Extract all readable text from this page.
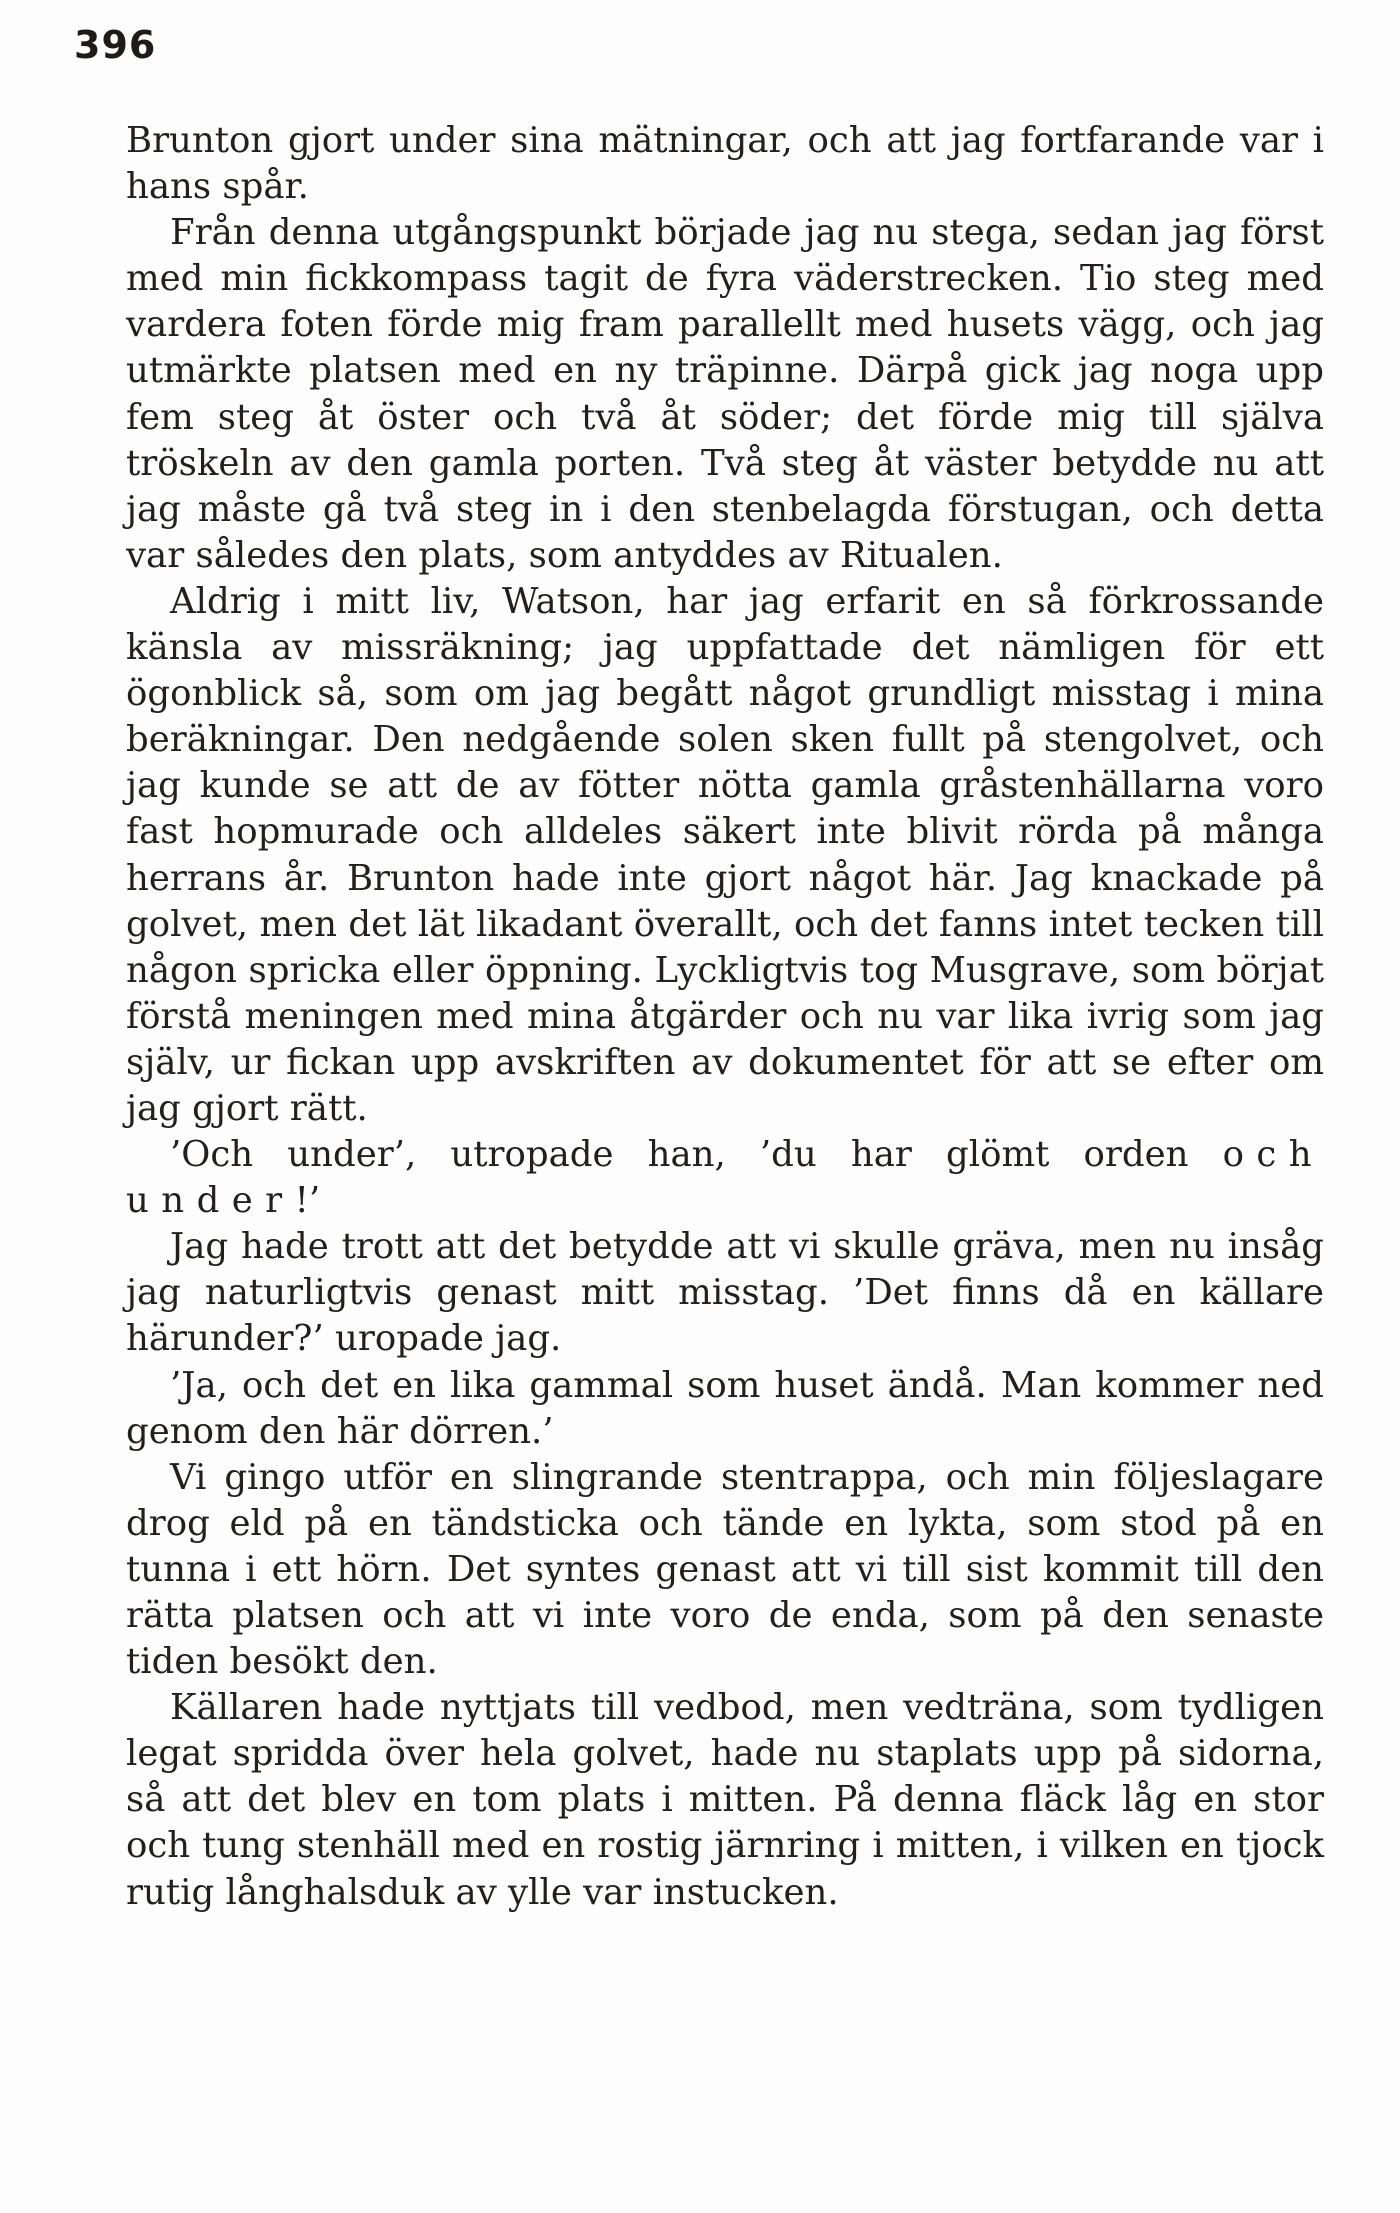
396

Brunton gjort under sina mätningar, och att jag fortfarande var i hans spår.

Från denna utgångspunkt började jag nu stega, sedan jag först med min fickkompass tagit de fyra väderstrecken. Tio steg med vardera foten förde mig fram parallellt med husets vägg, och jag utmärkte platsen med en ny träpinne. Därpå gick jag noga upp fem steg åt öster och två åt söder; det förde mig till själva tröskeln av den gamla porten. Två steg åt väster betydde nu att jag måste gå två steg in i den stenbelagda förstugan, och detta var således den plats, som antyddes av Ritualen.

Aldrig i mitt liv, Watson, har jag erfarit en så förkrossande känsla av missräkning; jag uppfattade det nämligen för ett ögonblick så, som om jag begått något grundligt misstag i mina beräkningar. Den nedgående solen sken fullt på stengolvet, och jag kunde se att de av fötter nötta gamla gråstenhällarna voro fast hopmurade och alldeles säkert inte blivit rörda på många herrans år. Brunton hade inte gjort något här. Jag knackade på golvet, men det lät likadant överallt, och det fanns intet tecken till någon spricka eller öppning. Lyckligtvis tog Musgrave, som börjat förstå meningen med mina åtgärder och nu var lika ivrig som jag själv, ur fickan upp avskriften av dokumentet för att se efter om jag gjort rätt.

’Och under’, utropade han, ’du har glömt orden och under!’

Jag hade trott att det betydde att vi skulle gräva, men nu insåg jag naturligtvis genast mitt misstag. ’Det finns då en källare härunder?’ uropade jag.

’Ja, och det en lika gammal som huset ändå. Man kommer ned genom den här dörren.’

Vi gingo utför en slingrande stentrappa, och min följeslagare drog eld på en tändsticka och tände en lykta, som stod på en tunna i ett hörn. Det syntes genast att vi till sist kommit till den rätta platsen och att vi inte voro de enda, som på den senaste tiden besökt den.

Källaren hade nyttjats till vedbod, men vedträna, som tydligen legat spridda över hela golvet, hade nu staplats upp på sidorna, så att det blev en tom plats i mitten. På denna fläck låg en stor och tung stenhäll med en rostig järnring i mitten, i vilken en tjock rutig långhalsduk av ylle var instucken.
